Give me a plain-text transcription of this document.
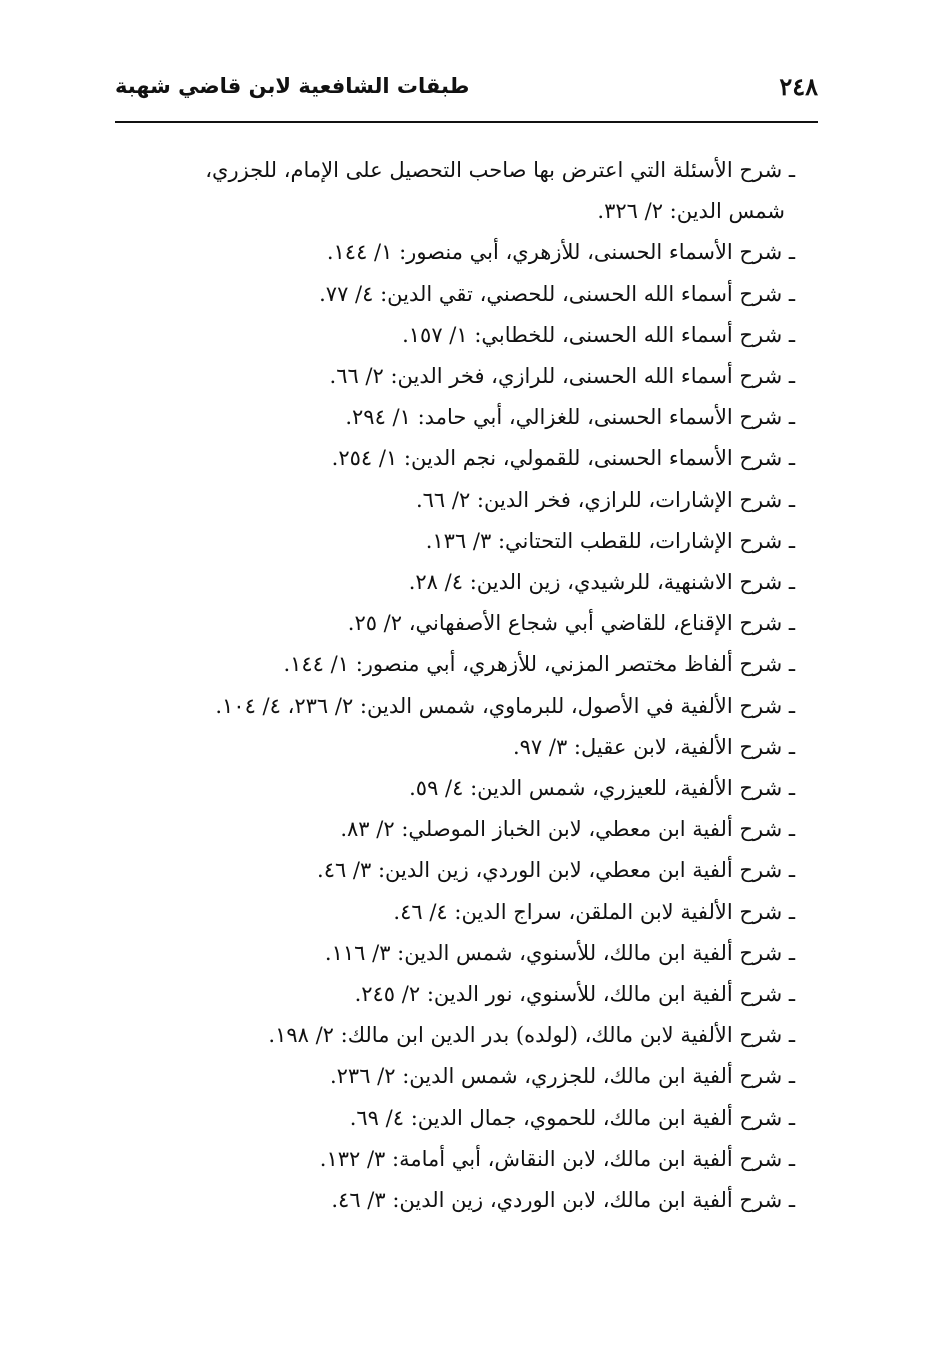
٢٤٨
طبقات الشافعية لابن قاضي شهبة
ـ شرح الأسئلة التي اعترض بها صاحب التحصيل على الإمام، للجزري،
شمس الدين: ٢/ ٣٢٦.
ـ شرح الأسماء الحسنى، للأزهري، أبي منصور: ١/ ١٤٤.
ـ شرح أسماء الله الحسنى، للحصني، تقي الدين: ٤/ ٧٧.
ـ شرح أسماء الله الحسنى، للخطابي: ١/ ١٥٧.
ـ شرح أسماء الله الحسنى، للرازي، فخر الدين: ٢/ ٦٦.
ـ شرح الأسماء الحسنى، للغزالي، أبي حامد: ١/ ٢٩٤.
ـ شرح الأسماء الحسنى، للقمولي، نجم الدين: ١/ ٢٥٤.
ـ شرح الإشارات، للرازي، فخر الدين: ٢/ ٦٦.
ـ شرح الإشارات، للقطب التحتاني: ٣/ ١٣٦.
ـ شرح الاشنهية، للرشيدي، زين الدين: ٤/ ٢٨.
ـ شرح الإقناع، للقاضي أبي شجاع الأصفهاني، ٢/ ٢٥.
ـ شرح ألفاظ مختصر المزني، للأزهري، أبي منصور: ١/ ١٤٤.
ـ شرح الألفية في الأصول، للبرماوي، شمس الدين: ٢/ ٢٣٦، ٤/ ١٠٤.
ـ شرح الألفية، لابن عقيل: ٣/ ٩٧.
ـ شرح الألفية، للعيزري، شمس الدين: ٤/ ٥٩.
ـ شرح ألفية ابن معطي، لابن الخباز الموصلي: ٢/ ٨٣.
ـ شرح ألفية ابن معطي، لابن الوردي، زين الدين: ٣/ ٤٦.
ـ شرح الألفية لابن الملقن، سراج الدين: ٤/ ٤٦.
ـ شرح ألفية ابن مالك، للأسنوي، شمس الدين: ٣/ ١١٦.
ـ شرح ألفية ابن مالك، للأسنوي، نور الدين: ٢/ ٢٤٥.
ـ شرح الألفية لابن مالك، (لولده) بدر الدين ابن مالك: ٢/ ١٩٨.
ـ شرح ألفية ابن مالك، للجزري، شمس الدين: ٢/ ٢٣٦.
ـ شرح ألفية ابن مالك، للحموي، جمال الدين: ٤/ ٦٩.
ـ شرح ألفية ابن مالك، لابن النقاش، أبي أمامة: ٣/ ١٣٢.
ـ شرح ألفية ابن مالك، لابن الوردي، زين الدين: ٣/ ٤٦.
